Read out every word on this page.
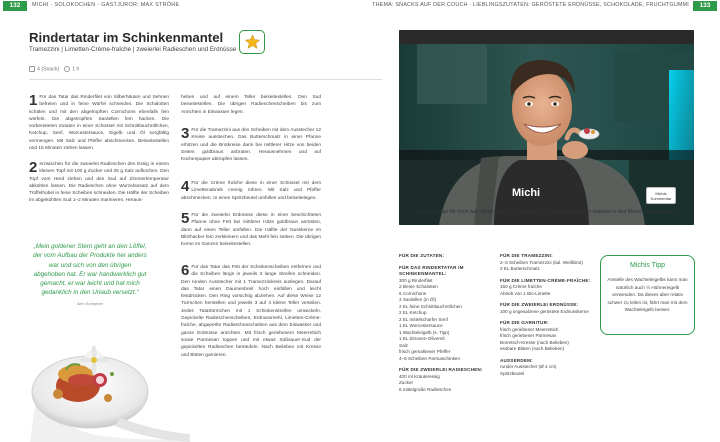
132	MICHI · SOLOKOCHEN · GASTJUROR: MAX STRÖHE	THEMA: SNACKS AUF DER COUCH · LIEBLINGSZUTATEN: GERÖSTETE ERDNÜSSE, SCHOKOLADE, FRUCHTGUMMI	133
Rindertatar im Schinkenmantel
Tramezzini | Limetten-Crème-fraîche | zweierlei Radieschen und Erdnüsse
4 (Snack)	1 h
1 Für das Tatar das Rinderfilet von Silberhäuten und Sehnen befreien und in feine Würfel schneiden. Die Schalotten schälen und mit den abgetropften Cornichons ebenfalls fein würfeln. Die abgetropften Sardellen fein hacken. Die vorbereiteten Zutaten in einer Schüssel mit Schnittlauchröllchen, Ketchup, Senf, Worcestersauce, Eigelb und Öl sorgfältig vermengen. Mit Salz und Pfeffer abschmecken. Beiseitestellen und 15 Minuten ziehen lassen.
2 Inzwischen für die zweierlei Radieschen den Essig in einem kleinen Topf mit 100 g Zucker und 25 g Salz aufkochen. Den Topf vom Herd ziehen und den Sud auf Zimmertemperatur abkühlen lassen. Die Radieschen ohne Wurzelansatz auf dem Trüffelhobel in feine Scheiben schneiden. Die Hälfte der Scheiben im abgekühlten Sud 1–2 Minuten marinieren. Heraus-
heben und auf einem Teller beiseitestellen. Den Sud beiseitestellen. Die übrigen Radieschenscheiben bis zum Anrichten in Eiswasser legen.
3 Für die Tramezzini aus den Scheiben mit dem Ausstecher 12 Kreise ausstechen. Das Butterschmalz in einer Pfanne erhitzen und die Brotkreise darin bei mittlerer Hitze von beiden Seiten goldbraun anbraten. Herausnehmen und auf Küchenpapier abtropfen lassen.
4 Für die Crème fraîche diese in einer Schüssel mit dem Limettenabrieb cremig rühren. Mit Salz und Pfeffer abschmecken. In einen Spritzbeutel umfüllen und beiseitelegen.
5 Für die zweierlei Erdnüsse diese in einer beschichteten Pfanne ohne Fett bei mittlerer Hitze goldbraun anrösten, dann auf einen Teller umfüllen. Die Hälfte der Nusskerne im Blitzhacker fein zerkleinern und das Mehl fein sieben. Die übrigen Kerne im Ganzen beiseitestellen.
6 Für das Tatar das Fett der Schinkenscheiben entfernen und die Scheiben längs in jeweils 3 lange Streifen schneiden. Den runden Ausstecher mit 1 Tramezzinikreis auslegen. Darauf das Tatar einen Daumenbreit hoch einfüllen und leicht festdrücken. Den Ring vorsichtig abziehen. Auf diese Weise 12 Türmchen herstellen und jeweils 3 auf 4 kleine Teller verteilen. Jedes Tatartürmchen mit 1 Schinkenstreifen umwickeln. Gepickelte Radieschenscheiben, Erdnussmehl, Limetten-Crème-fraîche, abgeperlte Radieschenscheiben aus dem Eiswasser und ganze Erdnüsse anrichten. Mit frisch geriebenem Meerrettich sowie Parmesan toppen und mit etwas Süßsauer-Sud der gepickelten Radieschen beträufeln. Nach Belieben mit Kresse und Blüten garnieren.
„Mein goldener Stern geht an den Löffel, der vom Aufbau der Produkte her anders war und sich von den übrigen abgehoben hat. Er war handwerklich gut gemacht, er war leicht und hat mich gedanklich in den Urlaub versetzt.“
Alex Kumptner
Michi
Die Challenge für mich war, einen Snack zu kreieren, den man als einzelnen Happen in den Mund schieben kann.
Michis Kommentar
FÜR DIE ZUTATEN:
FÜR DAS RINDERTATAR IM SCHINKENMANTEL:
300 g Rinderfilet
2 kleine Schalotten
6 Cornichons
3 Sardellen (in Öl)
2 EL feine Schnittlauchröllchen
2 EL Ketchup
2 EL mittelscharfer Senf
1 EL Worcestersauce
1 Wachteleigelb (s. Tipp)
1 EL Zitronen-Olivenöl
Salz
frisch gemahlener Pfeffer
4–6 Scheiben Parmaschinken
FÜR DIE ZWEIERLEI RADIESCHEN:
400 ml Kräuteressig
Zucker
8 mittelgroße Radieschen
FÜR DIE TRAMEZZINI:
2–3 Scheiben Tramezzini (ital. Weißbrot)
2 EL Butterschmalz
FÜR DIE LIMETTEN-CRÈME-FRAÎCHE:
150 g Crème fraîche
Abrieb von 1 Bio-Limette
FÜR DIE ZWEIERLEI ERDNÜSSE:
100 g ungesalzene geröstete Erdnusskerne
FÜR DIE GARNITUR:
frisch geriebener Meerrettich
frisch geriebener Parmesan
Borretsch-Kresse (nach Belieben)
essbare Blüten (nach Belieben)
AUSSERDEM:
runder Ausstecher (Ø 4 cm)
Spritzbeutel
Michis Tipp
Anstelle des Wachteleigelbs kann man natürlich auch ½ Hühnereigelb verwenden. Da dieses aber relativ schwer zu teilen ist, fährt man mit dem Wachteleigelb besser.
